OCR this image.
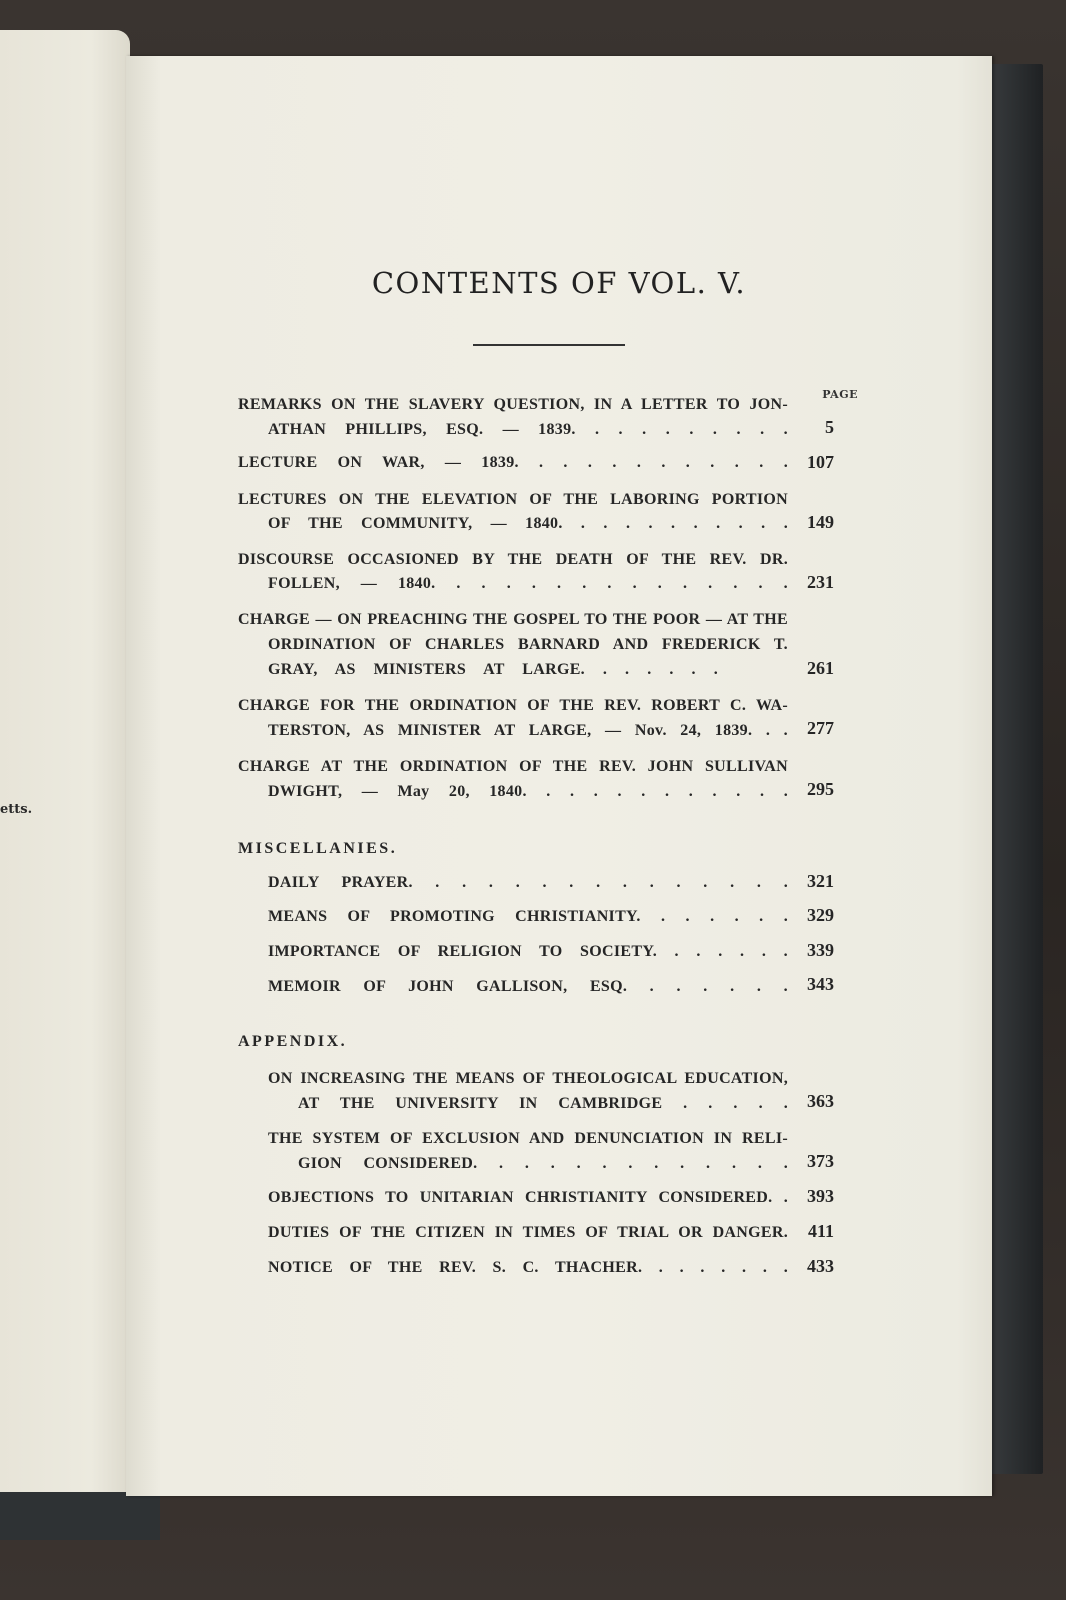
etts.
CONTENTS OF VOL. V.
PAGE
REMARKS ON THE SLAVERY QUESTION, IN A LETTER TO JON-
ATHAN PHILLIPS, ESQ. — 1839. . . . . . . . . .	5
LECTURE ON WAR, — 1839. . . . . . . . . . . .	107
LECTURES ON THE ELEVATION OF THE LABORING PORTION
OF THE COMMUNITY, — 1840. . . . . . . . . . .	149
DISCOURSE OCCASIONED BY THE DEATH OF THE REV. DR.
FOLLEN, — 1840. . . . . . . . . . . . . . .	231
CHARGE — ON PREACHING THE GOSPEL TO THE POOR — AT THE
ORDINATION OF CHARLES BARNARD AND FREDERICK T.
GRAY, AS MINISTERS AT LARGE. . . . . . .	261
CHARGE FOR THE ORDINATION OF THE REV. ROBERT C. WA-
TERSTON, AS MINISTER AT LARGE, — Nov. 24, 1839. . .	277
CHARGE AT THE ORDINATION OF THE REV. JOHN SULLIVAN
DWIGHT, — May 20, 1840. . . . . . . . . . . .	295
MISCELLANIES.
DAILY PRAYER. . . . . . . . . . . . . . .	321
MEANS OF PROMOTING CHRISTIANITY. . . . . . .	329
IMPORTANCE OF RELIGION TO SOCIETY. . . . . . .	339
MEMOIR OF JOHN GALLISON, ESQ. . . . . . .	343
APPENDIX.
ON INCREASING THE MEANS OF THEOLOGICAL EDUCATION,
AT THE UNIVERSITY IN CAMBRIDGE . . . . .	363
THE SYSTEM OF EXCLUSION AND DENUNCIATION IN RELI-
GION CONSIDERED. . . . . . . . . . . . .	373
OBJECTIONS TO UNITARIAN CHRISTIANITY CONSIDERED. .	393
DUTIES OF THE CITIZEN IN TIMES OF TRIAL OR DANGER.	411
NOTICE OF THE REV. S. C. THACHER. . . . . . . .	433
